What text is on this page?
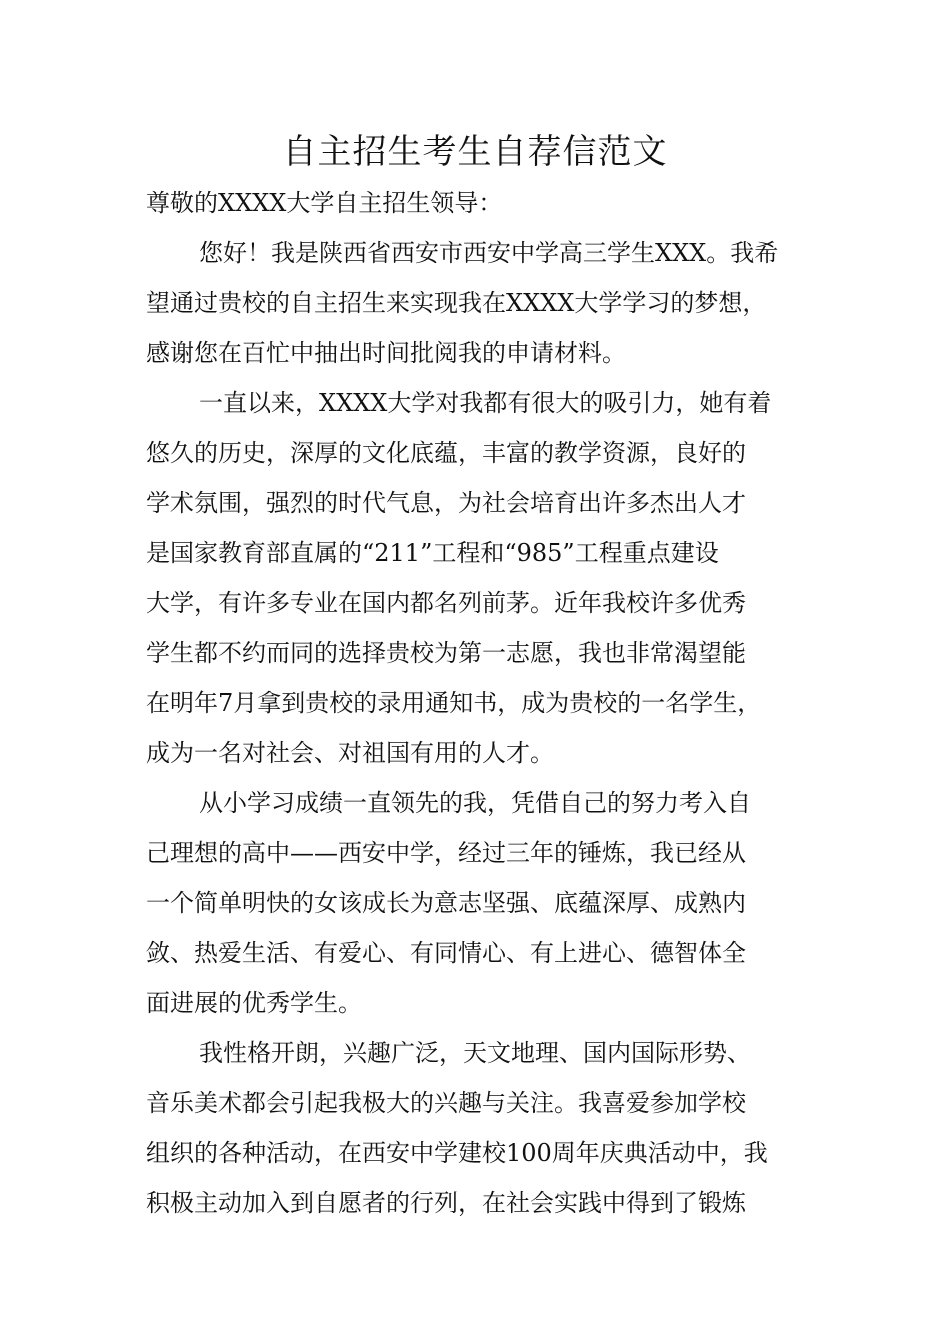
自主招生考生自荐信范文

尊敬的XXXX大学自主招生领导：

您好！我是陕西省西安市西安中学高三学生XXX。我希
望通过贵校的自主招生来实现我在XXXX大学学习的梦想，
感谢您在百忙中抽出时间批阅我的申请材料。

一直以来，XXXX大学对我都有很大的吸引力，她有着
悠久的历史，深厚的文化底蕴，丰富的教学资源，良好的
学术氛围，强烈的时代气息，为社会培育出许多杰出人才
是国家教育部直属的“211”工程和“985”工程重点建设
大学，有许多专业在国内都名列前茅。近年我校许多优秀
学生都不约而同的选择贵校为第一志愿，我也非常渴望能
在明年7月拿到贵校的录用通知书，成为贵校的一名学生，
成为一名对社会、对祖国有用的人才。

从小学习成绩一直领先的我，凭借自己的努力考入自
己理想的高中——西安中学，经过三年的锤炼，我已经从
一个简单明快的女该成长为意志坚强、底蕴深厚、成熟内
敛、热爱生活、有爱心、有同情心、有上进心、德智体全
面进展的优秀学生。

我性格开朗，兴趣广泛，天文地理、国内国际形势、
音乐美术都会引起我极大的兴趣与关注。我喜爱参加学校
组织的各种活动，在西安中学建校100周年庆典活动中，我
积极主动加入到自愿者的行列，在社会实践中得到了锻炼
